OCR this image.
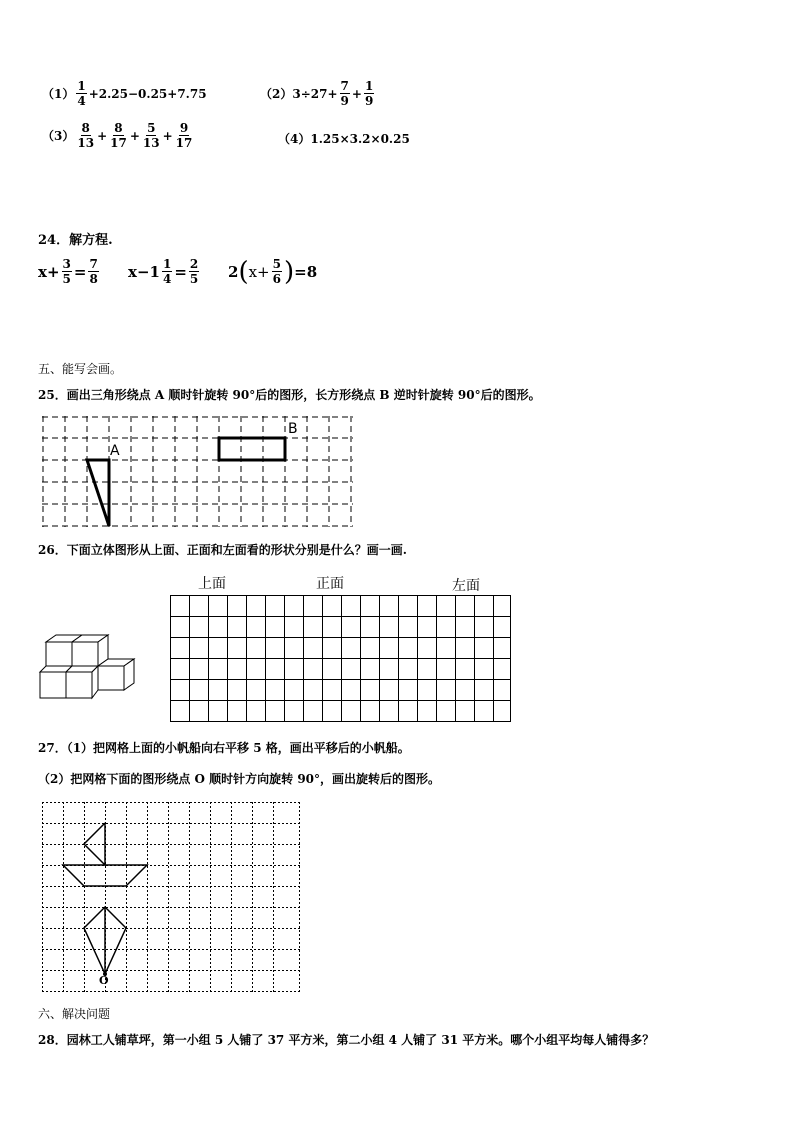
$(1) \frac{1}{4} +2.25-0.25+7.75$	$(2)3\div 27+ \frac{7}{9} + \frac{1}{9}$
$(3) \frac{8}{13} + \frac{8}{17} + \frac{5}{13} + \frac{9}{17}$	（4）1.25×3.2×0.25
24．解方程.
$x+ \frac{3}{5} = \frac{7}{8} x-1 \frac{1}{4} = \frac{2}{5} 2$ ( $x+ \frac{5}{6}$ ) =8
五、能写会画。
25．画出三角形绕点 A 顺时针旋转 90°后的图形，长方形绕点 B 逆时针旋转 90°后的图形。
A
B
26．下面立体图形从上面、正面和左面看的形状分别是什么？画一画.
上面	正面	左面
27．（1）把网格上面的小帆船向右平移 5 格，画出平移后的小帆船。
（2）把网格下面的图形绕点 O 顺时针方向旋转 90°，画出旋转后的图形。
O
六、解决问题
28．园林工人铺草坪，第一小组 5 人铺了 37 平方米，第二小组 4 人铺了 31 平方米。哪个小组平均每人铺得多？
